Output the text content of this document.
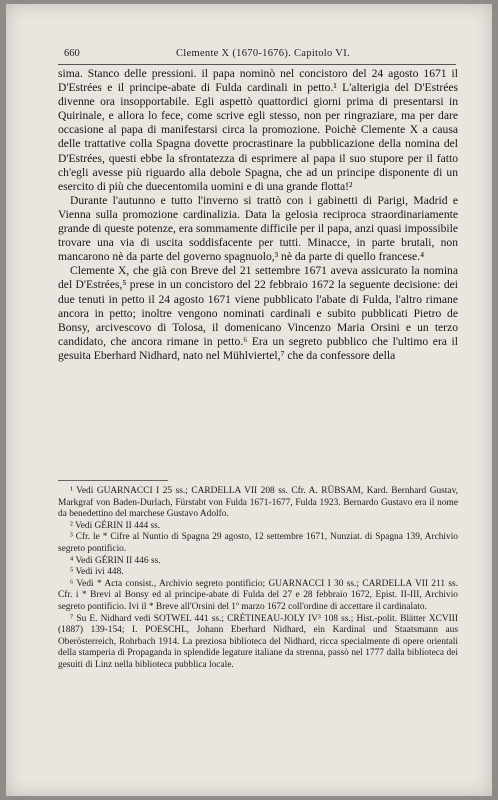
660	Clemente X (1670-1676). Capitolo VI.

sima. Stanco delle pressioni. il papa nominò nel concistoro del 24 agosto 1671 il D'Estrées e il principe-abate di Fulda cardinali in petto.¹ L'alterigia del D'Estrées divenne ora insopportabile. Egli aspettò quattordici giorni prima di presentarsi in Quirinale, e allora lo fece, come scrive egli stesso, non per ringraziare, ma per dare occasione al papa di manifestarsi circa la promozione. Poichè Clemente X a causa delle trattative colla Spagna dovette procrastinare la pubblicazione della nomina del D'Estrées, questi ebbe la sfrontatezza di esprimere al papa il suo stupore per il fatto ch'egli avesse più riguardo alla debole Spagna, che ad un principe disponente di un esercito di più che duecentomila uomini e di una grande flotta!²

Durante l'autunno e tutto l'inverno si trattò con i gabinetti di Parigi, Madrid e Vienna sulla promozione cardinalizia. Data la gelosia reciproca straordinariamente grande di queste potenze, era sommamente difficile per il papa, anzi quasi impossibile trovare una via di uscita soddisfacente per tutti. Minacce, in parte brutali, non mancarono nè da parte del governo spagnuolo,³ nè da parte di quello francese.⁴

Clemente X, che già con Breve del 21 settembre 1671 aveva assicurato la nomina del D'Estrées,⁵ prese in un concistoro del 22 febbraio 1672 la seguente decisione: dei due tenuti in petto il 24 agosto 1671 viene pubblicato l'abate di Fulda, l'altro rimane ancora in petto; inoltre vengono nominati cardinali e subito pubblicati Pietro de Bonsy, arcivescovo di Tolosa, il domenicano Vincenzo Maria Orsini e un terzo candidato, che ancora rimane in petto.⁶ Era un segreto pubblico che l'ultimo era il gesuita Eberhard Nidhard, nato nel Mühlviertel,⁷ che da confessore della

¹ Vedi GUARNACCI I 25 ss.; CARDELLA VII 208 ss. Cfr. A. RÜBSAM, Kard. Bernhard Gustav, Markgraf von Baden-Durlach, Fürstabt von Fulda 1671-1677, Fulda 1923. Bernardo Gustavo era il nome da benedettino del marchese Gustavo Adolfo.

² Vedi GÉRIN II 444 ss.

³ Cfr. le * Cifre al Nuntio di Spagna 29 agosto, 12 settembre 1671, Nunziat. di Spagna 139, Archivio segreto pontificio.

⁴ Vedi GÉRIN II 446 ss.

⁵ Vedi ivi 448.

⁶ Vedi * Acta consist., Archivio segreto pontificio; GUARNACCI I 30 ss.; CARDELLA VII 211 ss. Cfr. i * Brevi al Bonsy ed al principe-abate di Fulda del 27 e 28 febbraio 1672, Epist. II-III, Archivio segreto pontificio. Ivi il * Breve all'Orsini del 1º marzo 1672 coll'ordine di accettare il cardinalato.

⁷ Su E. Nidhard vedi SOTWEL 441 ss.; CRÉTINEAU-JOLY IV³ 108 ss.; Hist.-polit. Blätter XCVIII (1887) 139-154; I. POESCHL, Johann Eberhard Nidhard, ein Kardinal und Staatsmann aus Oberösterreich, Rohrbach 1914. La preziosa biblioteca del Nidhard, ricca specialmente di opere orientali della stamperia di Propaganda in splendide legature italiane da strenna, passò nel 1777 dalla biblioteca dei gesuiti di Linz nella biblioteca pubblica locale.
